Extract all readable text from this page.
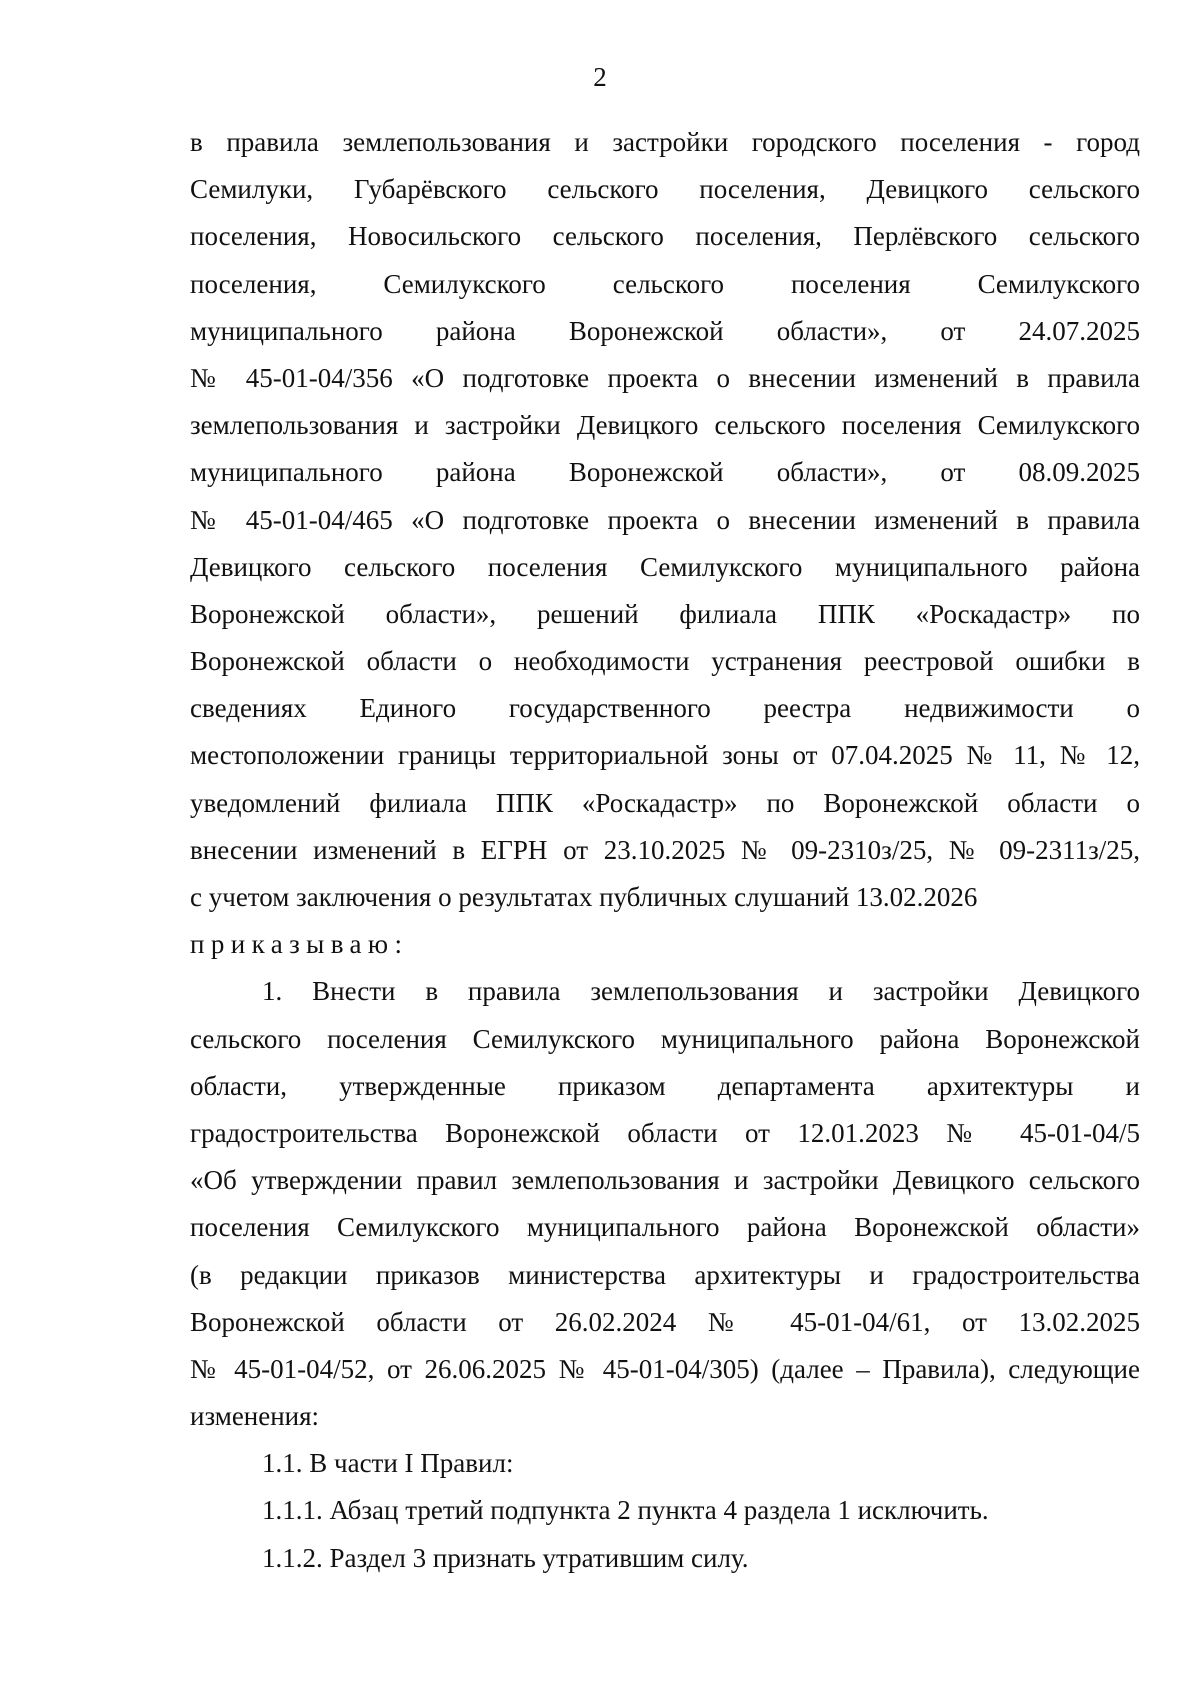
2
в правила землепользования и застройки городского поселения - город
Семилуки, Губарёвского сельского поселения, Девицкого сельского
поселения, Новосильского сельского поселения, Перлёвского сельского
поселения, Семилукского сельского поселения Семилукского
муниципального района Воронежской области», от 24.07.2025
№ 45-01-04/356 «О подготовке проекта о внесении изменений в правила
землепользования и застройки Девицкого сельского поселения Семилукского
муниципального района Воронежской области», от 08.09.2025
№ 45-01-04/465 «О подготовке проекта о внесении изменений в правила
Девицкого сельского поселения Семилукского муниципального района
Воронежской области», решений филиала ППК «Роскадастр» по
Воронежской области о необходимости устранения реестровой ошибки в
сведениях Единого государственного реестра недвижимости о
местоположении границы территориальной зоны от 07.04.2025 № 11, № 12,
уведомлений филиала ППК «Роскадастр» по Воронежской области о
внесении изменений в ЕГРН от 23.10.2025 № 09-2310з/25, № 09-2311з/25,
с учетом заключения о результатах публичных слушаний 13.02.2026
приказываю:
1. Внести в правила землепользования и застройки Девицкого
сельского поселения Семилукского муниципального района Воронежской
области, утвержденные приказом департамента архитектуры и
градостроительства Воронежской области от 12.01.2023 № 45-01-04/5
«Об утверждении правил землепользования и застройки Девицкого сельского
поселения Семилукского муниципального района Воронежской области»
(в редакции приказов министерства архитектуры и градостроительства
Воронежской области от 26.02.2024 № 45-01-04/61, от 13.02.2025
№ 45-01-04/52, от 26.06.2025 № 45-01-04/305) (далее – Правила), следующие
изменения:
1.1. В части I Правил:
1.1.1. Абзац третий подпункта 2 пункта 4 раздела 1 исключить.
1.1.2. Раздел 3 признать утратившим силу.
